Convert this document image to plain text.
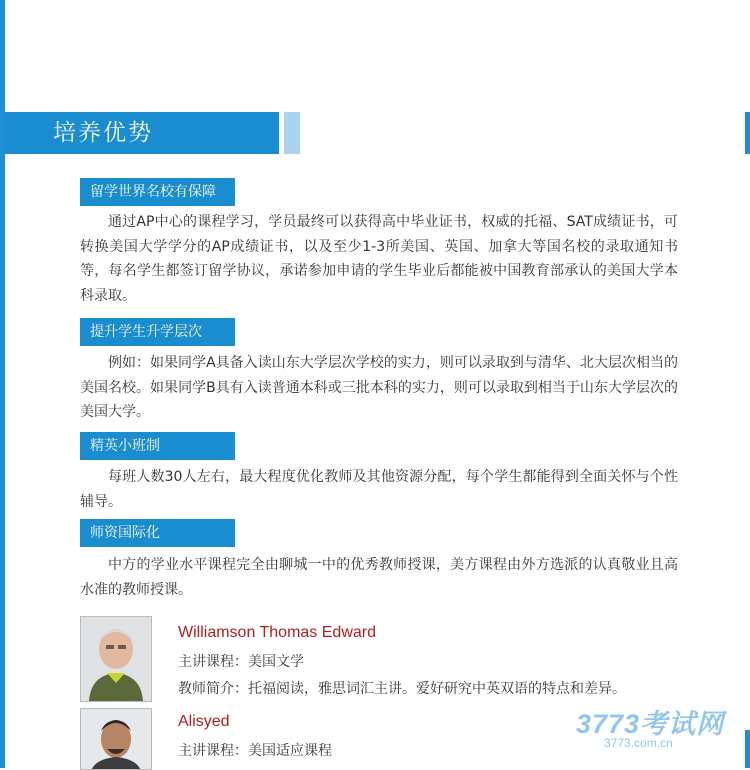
培养优势
留学世界名校有保障

通过AP中心的课程学习，学员最终可以获得高中毕业证书，权威的托福、SAT成绩证书，可转换美国大学学分的AP成绩证书，以及至少1-3所美国、英国、加拿大等国名校的录取通知书等，每名学生都签订留学协议，承诺参加申请的学生毕业后都能被中国教育部承认的美国大学本科录取。

提升学生升学层次

例如：如果同学A具备入读山东大学层次学校的实力，则可以录取到与清华、北大层次相当的美国名校。如果同学B具有入读普通本科或三批本科的实力，则可以录取到相当于山东大学层次的美国大学。

精英小班制

每班人数30人左右，最大程度优化教师及其他资源分配，每个学生都能得到全面关怀与个性辅导。

师资国际化

中方的学业水平课程完全由聊城一中的优秀教师授课，美方课程由外方选派的认真敬业且高水准的教师授课。

Williamson Thomas Edward
主讲课程：美国文学
教师简介：托福阅读，雅思词汇主讲。爱好研究中英双语的特点和差异。
Alisyed
主讲课程：美国适应课程
3773考试网
3773.com.cn
